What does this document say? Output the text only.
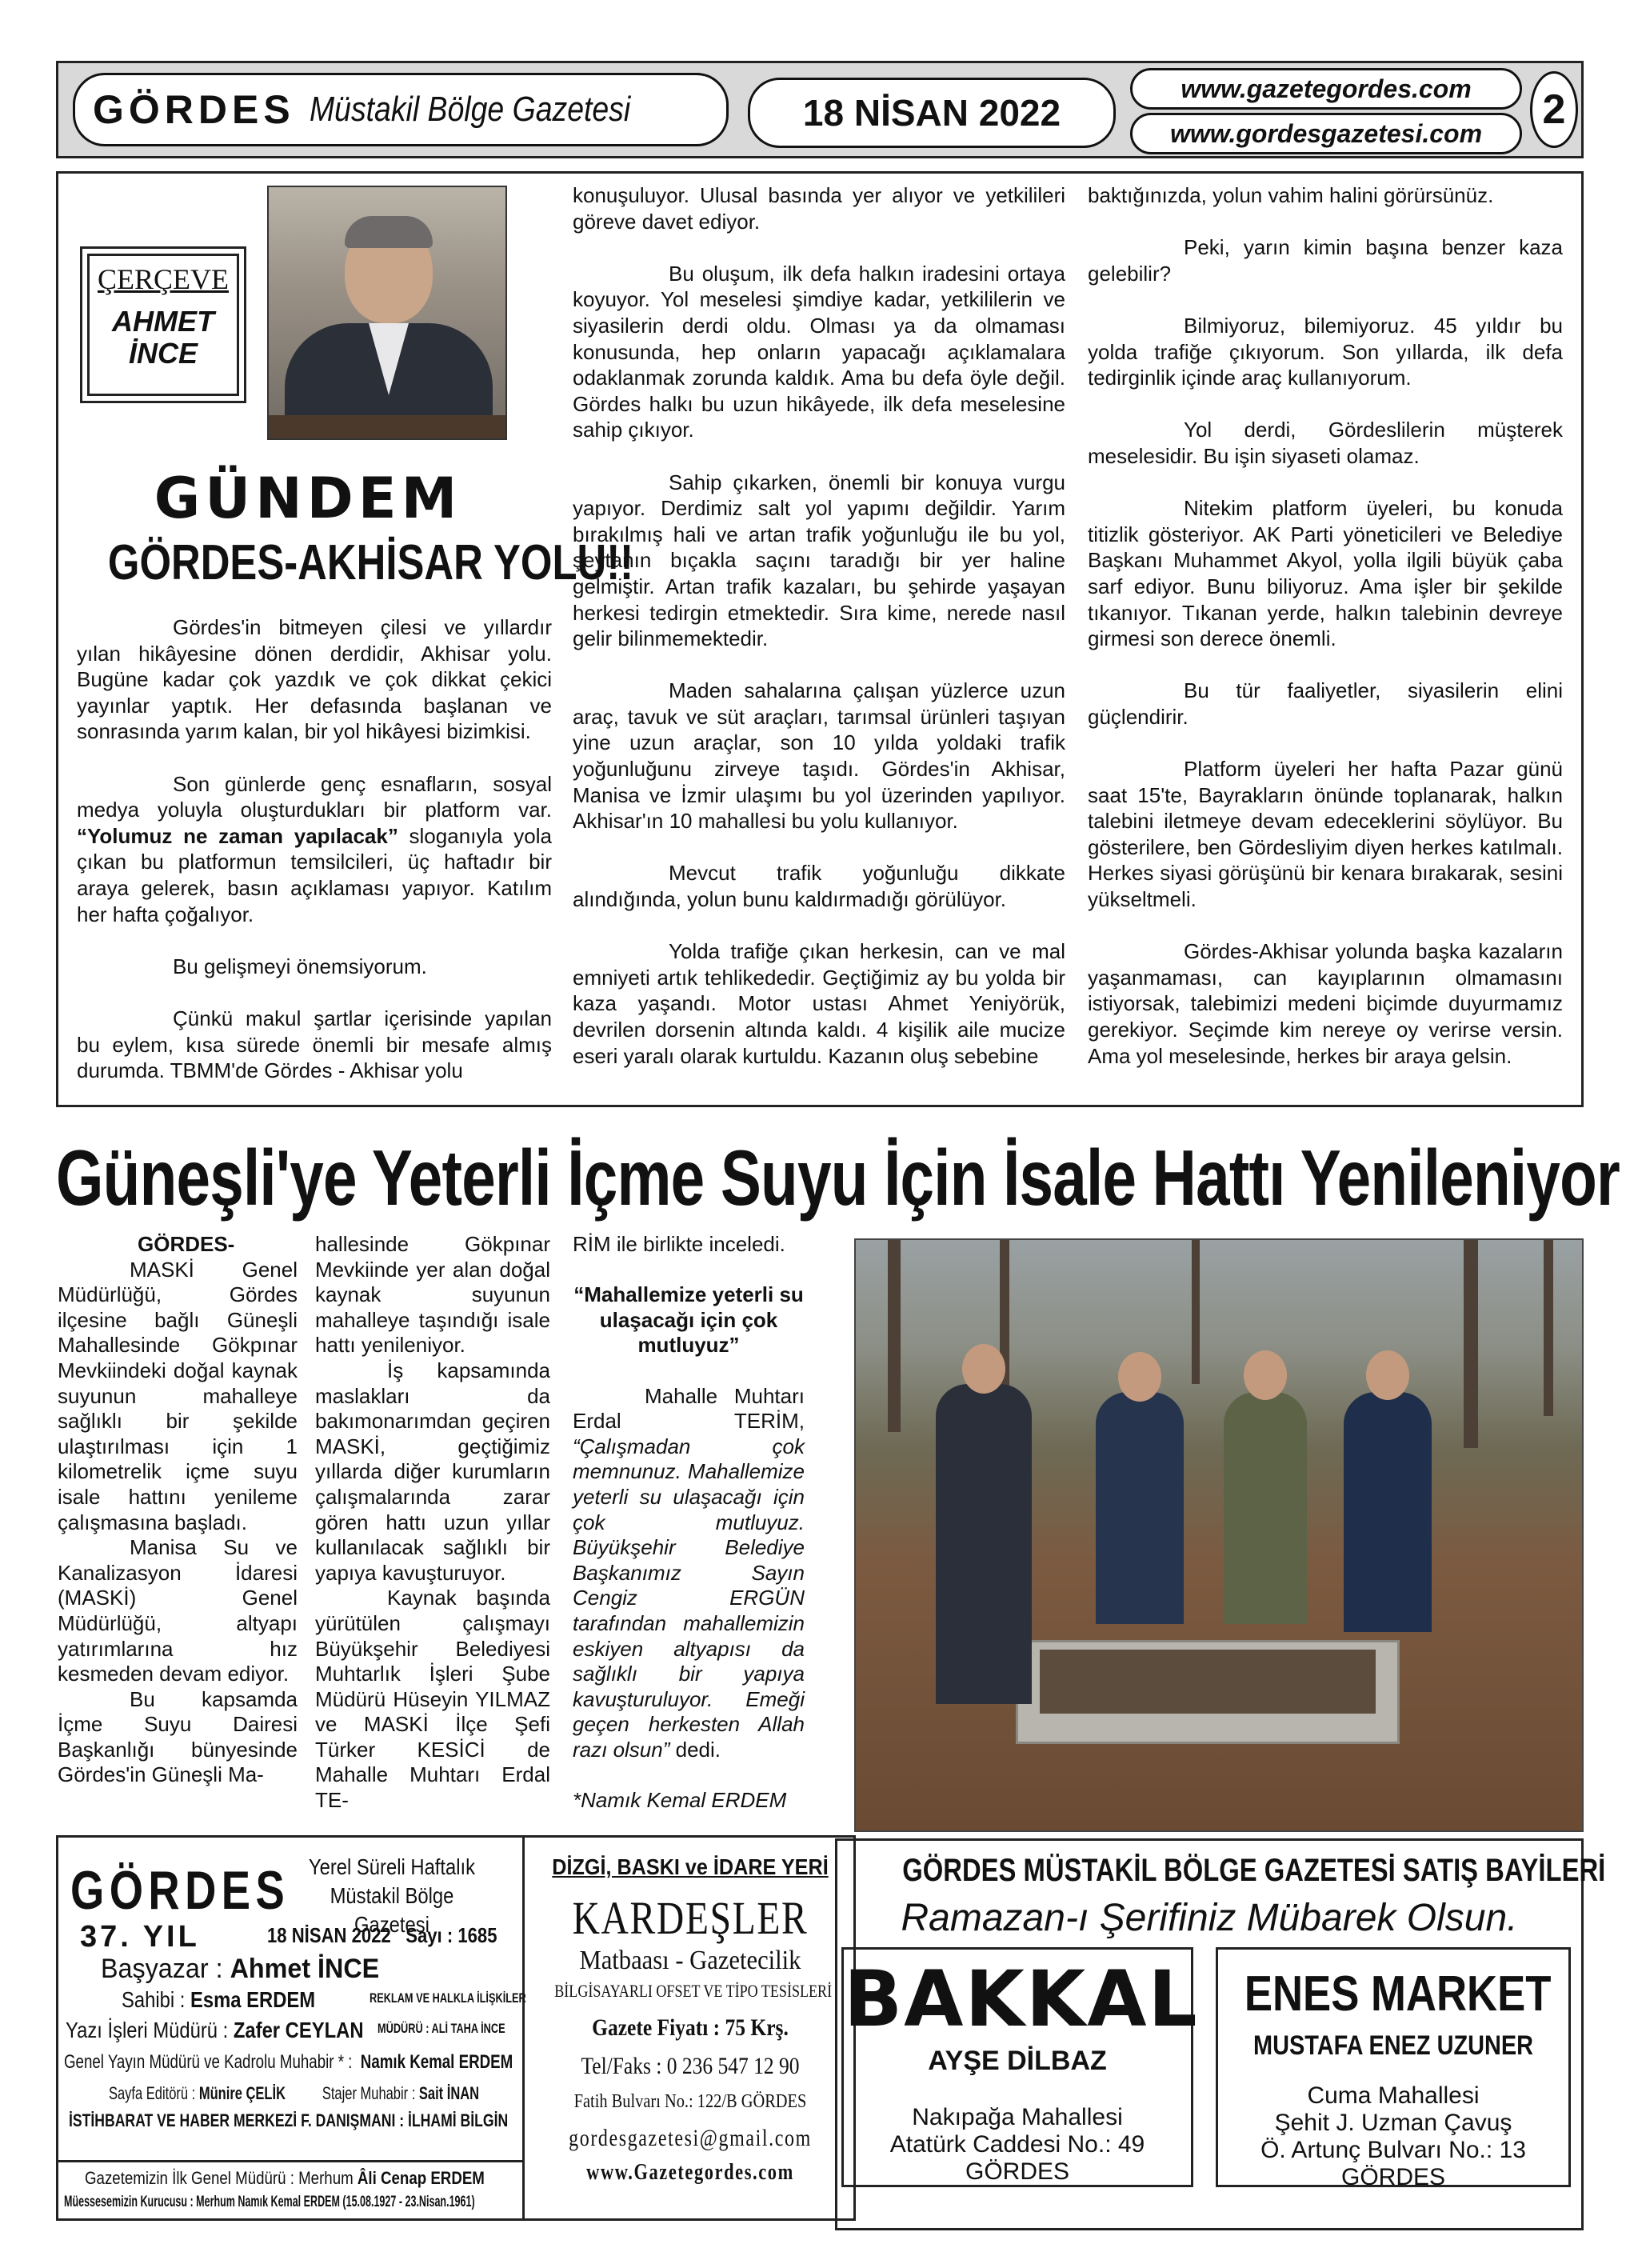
GÖRDES Müstakil Bölge Gazetesi	18 NİSAN 2022
www.gazetegordes.com
www.gordesgazetesi.com
2
ÇERÇEVE
AHMET
İNCE
GÜNDEM
GÖRDES-AKHİSAR YOLU!!

Gördes'in bitmeyen çilesi ve yıllardır yılan hikâyesine dönen derdidir, Akhisar yolu. Bugüne kadar çok yazdık ve çok dikkat çekici yayınlar yaptık. Her defasında başlanan ve sonrasında yarım kalan, bir yol hikâyesi bizimkisi.

Son günlerde genç esnafların, sosyal medya yoluyla oluşturdukları bir platform var. “Yolumuz ne zaman yapılacak” sloganıyla yola çıkan bu platformun temsilcileri, üç haftadır bir araya gelerek, basın açıklaması yapıyor. Katılım her hafta çoğalıyor.

Bu gelişmeyi önemsiyorum.

Çünkü makul şartlar içerisinde yapılan bu eylem, kısa sürede önemli bir mesafe almış durumda. TBMM'de Gördes - Akhisar yolu

konuşuluyor. Ulusal basında yer alıyor ve yetkilileri göreve davet ediyor.

Bu oluşum, ilk defa halkın iradesini ortaya koyuyor. Yol meselesi şimdiye kadar, yetkililerin ve siyasilerin derdi oldu. Olması ya da olmaması konusunda, hep onların yapacağı açıklamalara odaklanmak zorunda kaldık. Ama bu defa öyle değil. Gördes halkı bu uzun hikâyede, ilk defa meselesine sahip çıkıyor.

Sahip çıkarken, önemli bir konuya vurgu yapıyor. Derdimiz salt yol yapımı değildir. Yarım bırakılmış hali ve artan trafik yoğunluğu ile bu yol, şeytanın bıçakla saçını taradığı bir yer haline gelmiştir. Artan trafik kazaları, bu şehirde yaşayan herkesi tedirgin etmektedir. Sıra kime, nerede nasıl gelir bilinmemektedir.

Maden sahalarına çalışan yüzlerce uzun araç, tavuk ve süt araçları, tarımsal ürünleri taşıyan yine uzun araçlar, son 10 yılda yoldaki trafik yoğunluğunu zirveye taşıdı. Gördes'in Akhisar, Manisa ve İzmir ulaşımı bu yol üzerinden yapılıyor. Akhisar'ın 10 mahallesi bu yolu kullanıyor.

Mevcut trafik yoğunluğu dikkate alındığında, yolun bunu kaldırmadığı görülüyor.

Yolda trafiğe çıkan herkesin, can ve mal emniyeti artık tehlikededir. Geçtiğimiz ay bu yolda bir kaza yaşandı. Motor ustası Ahmet Yeniyörük, devrilen dorsenin altında kaldı. 4 kişilik aile mucize eseri yaralı olarak kurtuldu. Kazanın oluş sebebine

baktığınızda, yolun vahim halini görürsünüz.

Peki, yarın kimin başına benzer kaza gelebilir?

Bilmiyoruz, bilemiyoruz. 45 yıldır bu yolda trafiğe çıkıyorum. Son yıllarda, ilk defa tedirginlik içinde araç kullanıyorum.

Yol derdi, Gördeslilerin müşterek meselesidir. Bu işin siyaseti olamaz.

Nitekim platform üyeleri, bu konuda titizlik gösteriyor. AK Parti yöneticileri ve Belediye Başkanı Muhammet Akyol, yolla ilgili büyük çaba sarf ediyor. Bunu biliyoruz. Ama işler bir şekilde tıkanıyor. Tıkanan yerde, halkın talebinin devreye girmesi son derece önemli.

Bu tür faaliyetler, siyasilerin elini güçlendirir.

Platform üyeleri her hafta Pazar günü saat 15'te, Bayrakların önünde toplanarak, halkın talebini iletmeye devam edeceklerini söylüyor. Bu gösterilere, ben Gördesliyim diyen herkes katılmalı. Herkes siyasi görüşünü bir kenara bırakarak, sesini yükseltmeli.

Gördes-Akhisar yolunda başka kazaların yaşanmaması, can kayıplarının olmamasını istiyorsak, talebimizi medeni biçimde duyurmamız gerekiyor. Seçimde kim nereye oy verirse versin. Ama yol meselesinde, herkes bir araya gelsin.

Güneşli'ye Yeterli İçme Suyu İçin İsale Hattı Yenileniyor

GÖRDES-

MASKİ Genel Müdürlüğü, Gördes ilçesine bağlı Güneşli Mahallesinde Gökpınar Mevkiindeki doğal kaynak suyunun mahalleye sağlıklı bir şekilde ulaştırılması için 1 kilometrelik içme suyu isale hattını yenileme çalışmasına başladı.

Manisa Su ve Kanalizasyon İdaresi (MASKİ) Genel Müdürlüğü, altyapı yatırımlarına hız kesmeden devam ediyor.

Bu kapsamda İçme Suyu Dairesi Başkanlığı bünyesinde Gördes'in Güneşli Ma-

hallesinde Gökpınar Mevkiinde yer alan doğal kaynak suyunun mahalleye taşındığı isale hattı yenileniyor.

İş kapsamında maslakları da bakımonarımdan geçiren MASKİ, geçtiğimiz yıllarda diğer kurumların çalışmalarında zarar gören hattı uzun yıllar kullanılacak sağlıklı bir yapıya kavuşturuyor.

Kaynak başında yürütülen çalışmayı Büyükşehir Belediyesi Muhtarlık İşleri Şube Müdürü Hüseyin YILMAZ ve MASKİ İlçe Şefi Türker KESİCİ de Mahalle Muhtarı Erdal TE-

RİM ile birlikte inceledi.

“Mahallemize yeterli su ulaşacağı için çok mutluyuz”

Mahalle Muhtarı Erdal TERİM, “Çalışmadan çok memnunuz. Mahallemize yeterli su ulaşacağı için çok mutluyuz. Büyükşehir Belediye Başkanımız Sayın Cengiz ERGÜN tarafından mahallemizin eskiyen altyapısı da sağlıklı bir yapıya kavuşturuluyor. Emeği geçen herkesten Allah razı olsun” dedi.

*Namık Kemal ERDEM

GÖRDES
37. YIL
Yerel Süreli Haftalık
Müstakil Bölge Gazetesi
18 NİSAN 2022 Sayı : 1685
Başyazar : Ahmet İNCE
Sahibi : Esma ERDEM	REKLAM VE HALKLA İLİŞKİLER
Yazı İşleri Müdürü : Zafer CEYLAN MÜDÜRÜ : ALİ TAHA İNCE
Genel Yayın Müdürü ve Kadrolu Muhabir * : Namık Kemal ERDEM
Sayfa Editörü : Münire ÇELİK Stajer Muhabir : Sait İNAN
İSTİHBARAT VE HABER MERKEZİ F. DANIŞMANI : İLHAMİ BİLGİN
Gazetemizin İlk Genel Müdürü : Merhum Âli Cenap ERDEM
Müessesemizin Kurucusu : Merhum Namık Kemal ERDEM (15.08.1927 - 23.Nisan.1961)
DİZGİ, BASKI ve İDARE YERİ
KARDEŞLER
Matbaası - Gazetecilik
BİLGİSAYARLI OFSET VE TİPO TESİSLERİ
Gazete Fiyatı : 75 Krş.
Tel/Faks : 0 236 547 12 90
Fatih Bulvarı No.: 122/B GÖRDES
gordesgazetesi@gmail.com
www.Gazetegordes.com
GÖRDES MÜSTAKİL BÖLGE GAZETESİ SATIŞ BAYİLERİ
Ramazan-ı Şerifiniz Mübarek Olsun.
BAKKAL
AYŞE DİLBAZ
Nakıpağa Mahallesi
Atatürk Caddesi No.: 49
GÖRDES
ENES MARKET
MUSTAFA ENEZ UZUNER
Cuma Mahallesi
Şehit J. Uzman Çavuş
Ö. Artunç Bulvarı No.: 13
GÖRDES
